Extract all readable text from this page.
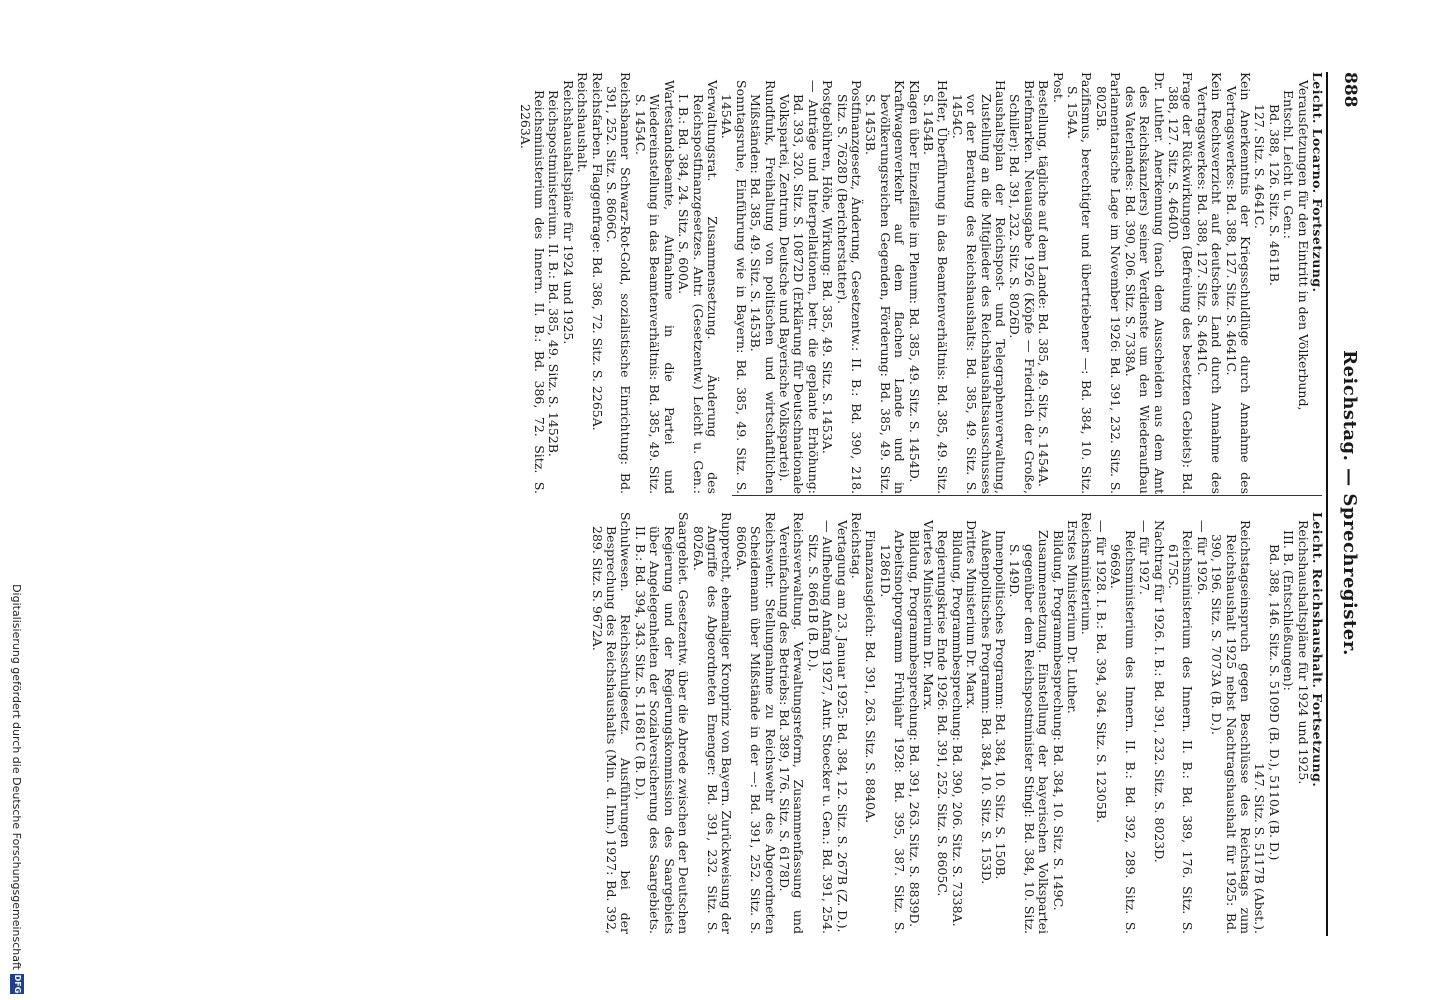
888
Reichstag. — Sprechregister.

Leicht. Locarno. Fortsetzung.

Verausſetzungen für den Eintritt in den Völkerbund,

Entschl. Leicht u. Gen.:

Bd. 388, 126. Sitz. S. 4611B.

127. Sitz. S. 4641C.

Kein Anerkenntnis der Kriegsschuldlüge durch Annahme des Vertragswerkes: Bd. 388, 127. Sitz. S. 4641C.

Kein Rechtsverzicht auf deutsches Land durch Annahme des Vertragswerkes: Bd. 388, 127. Sitz. S. 4641C.

Frage der Rückwirkungen (Befreiung des besetzten Gebiets): Bd. 388, 127. Sitz. S. 4640D.

Dr. Luther. Anerkennung (nach dem Ausscheiden aus dem Amt des Reichskanzlers) seiner Verdienste um den Wiederaufbau des Vaterlandes: Bd. 390, 206. Sitz. S. 7338A.

Parlamentarische Lage im November 1926: Bd. 391, 232. Sitz. S. 8025B.

Pazifismus, berechtigter und übertriebener —: Bd. 384, 10. Sitz. S. 154A.

Post.

Bestellung, tägliche auf dem Lande: Bd. 385, 49. Sitz. S. 1454A.

Briefmarken. Neuausgabe 1926 (Köpfe — Friedrich der Große, Schiller): Bd. 391, 232. Sitz. S. 8026D.

Haushaltsplan der Reichspost- und Telegraphenverwaltung, Zustellung an die Mitglieder des Reichshaushaltsausschusses vor der Beratung des Reichshaushalts: Bd. 385, 49. Sitz. S. 1454C.

Helfer, Überführung in das Beamtenverhältnis: Bd. 385, 49. Sitz. S. 1454B.

Klagen über Einzelfälle im Plenum: Bd. 385, 49. Sitz. S. 1454D.

Kraftwagenverkehr auf dem flachen Lande und in bevölkerungsreichen Gegenden, Förderung: Bd. 385, 49. Sitz. S. 1453B.

Postfinanzgesetz, Änderung, Gesetzentw.: II. B.: Bd. 390, 218. Sitz. S. 7628D (Berichterstatter).

Postgebühren, Höhe, Wirkung: Bd. 385, 49. Sitz. S. 1453A.

— Anträge und Interpellationen, betr. die geplante Erhöhung: Bd. 393, 320. Sitz. S. 10872D (Erklärung für Deutschnationale Volkspartei, Zentrum, Deutsche und Bayerische Volkspartei).

Rundfunk, Freihaltung von politischen und wirtschaftlichen Mißständen: Bd. 385, 49. Sitz. S. 1453B.

Sonntagsruhe, Einführung wie in Bayern: Bd. 385, 49. Sitz. S. 1454A.

Verwaltungsrat. Zusammensetzung. Änderung des Reichspostfinanzgesetzes. Antr. (Gesetzentw.) Leicht u. Gen.: I. B.: Bd. 384, 24. Sitz. S. 600A.

Wartestandsbeamte, Aufnahme in die Partei und Wiedereinstellung in das Beamtenverhältnis: Bd. 385, 49. Sitz. S. 1454C.

Reichsbanner Schwarz-Rot-Gold, sozialistische Einrichtung: Bd. 391, 252. Sitz. S. 8606C.

Reichsfarben. Flaggenfrage: Bd. 386, 72. Sitz. S. 2265A.

Reichshaushalt.

Reichshaushaltspläne für 1924 und 1925.

Reichspostministerium. II. B.: Bd. 385, 49. Sitz. S. 1452B.

Reichsministerium des Innern. II. B.: Bd. 386, 72. Sitz. S. 2263A.

Leicht. Reichshaushalt. Fortsetzung.

Reichshaushaltspläne für 1924 und 1925.

III. B. (Entschließungen):

Bd. 388, 146. Sitz. S. 5109D (B. D.), 5110A (B. D.)

147. Sitz. S. 5117B (Abst.).

Reichstagseinspruch gegen Beschlüsse des Reichstags zum Reichshaushalt 1925 nebst Nachtragshaushalt für 1925: Bd. 390, 196. Sitz. S. 7073A (B. D.).

— für 1926.

Reichsministerium des Innern. II. B.: Bd. 389, 176. Sitz. S. 6175C.

Nachtrag für 1926. I. B.: Bd. 391, 232. Sitz. S. 8023D.

— für 1927.

Reichsministerium des Innern. II. B.: Bd. 392, 289. Sitz. S. 9669A.

— für 1928. I. B.: Bd. 394, 364. Sitz. S. 12305B.

Reichsministerium.

Erstes Ministerium Dr. Luther.

Bildung, Programmbesprechung: Bd. 384, 10. Sitz. S. 149C.

Zusammensetzung. Einstellung der bayerischen Volkspartei gegenüber dem Reichspostminister Stingl: Bd. 384, 10. Sitz. S. 149D.

Innenpolitisches Programm: Bd. 384, 10. Sitz. S. 150B.

Außenpolitisches Programm: Bd. 384, 10. Sitz. S. 153D.

Drittes Ministerium Dr. Marx.

Bildung, Programmbesprechung: Bd. 390, 206. Sitz. S. 7338A.

Regierungskrise Ende 1926: Bd. 391, 252. Sitz. S. 8605C.

Viertes Ministerium Dr. Marx.

Bildung, Programmbesprechung: Bd. 391, 263. Sitz. S. 8839D.

Arbeitsnotprogramm Frühjahr 1928: Bd. 395, 387. Sitz. S. 12861D.

Finanzausgleich: Bd. 391, 263. Sitz. S. 8840A.

Reichstag.

Vertagung am 23. Januar 1925: Bd. 384, 12. Sitz. S. 267B (Z. D.).

— Aufhebung Anfang 1927, Antr. Stoecker u. Gen.: Bd. 391, 254. Sitz. S. 8661B (B. D.).

Reichsverwaltung. Verwaltungsreform, Zusammenfassung und Vereinfachung des Betriebs: Bd. 389, 176. Sitz. S. 6178D.

Reichswehr. Stellungnahme zu Reichswehr des Abgeordneten Scheidemann über Mißstände in der —: Bd. 391, 252. Sitz. S. 8606A.

Rupprecht, ehemaliger Kronprinz von Bayern. Zurückweisung der Angriffe des Abgeordneten Emenger: Bd. 391, 232. Sitz. S. 8026A.

Saargebiet. Gesetzentw. über die Abrede zwischen der Deutschen Regierung und der Regierungskommission des Saargebiets über Angelegenheiten der Sozialversicherung des Saargebiets. II. B.: Bd. 394, 343. Sitz. S. 11681C (B. D.).

Schulwesen. Reichsschulgesetz. Ausführungen bei der Besprechung des Reichshaushalts (Min. d. Inn.) 1927: Bd. 392, 289. Sitz. S. 9672A.

Digitalisierung gefördert durch die Deutsche Forschungsgemeinschaft
DFG
